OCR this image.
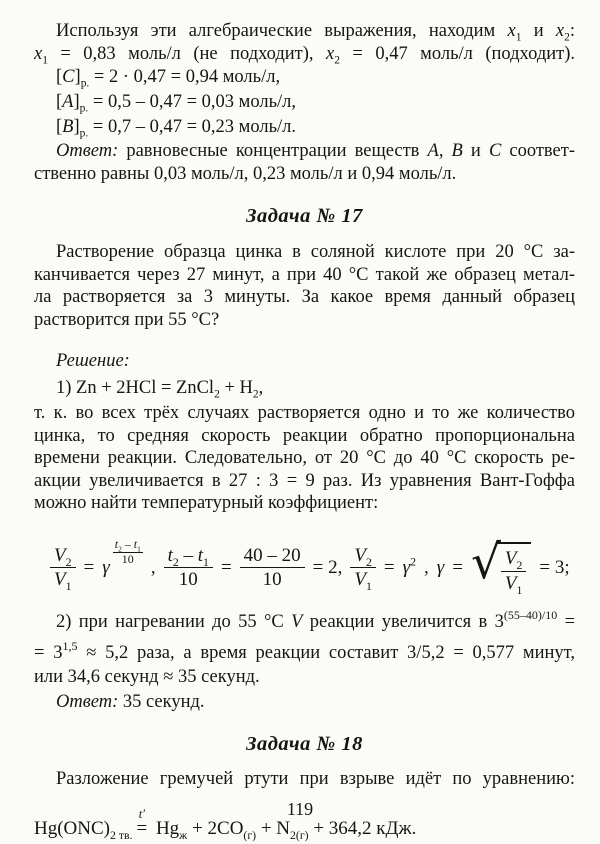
Используя эти алгебраические выражения, находим $x_1$ и $x_2$:
$x_1 = 0,83$ моль/л (не подходит), $x_2 = 0,47$ моль/л (подходит).
$[C]_{р.} = 2 \cdot 0,47 = 0,94$ моль/л,
$[A]_{р.} = 0,5 - 0,47 = 0,03$ моль/л,
$[B]_{р.} = 0,7 - 0,47 = 0,23$ моль/л.
Ответ: равновесные концентрации веществ A, B и C соответ-
ственно равны 0,03 моль/л, 0,23 моль/л и 0,94 моль/л.
Задача № 17
Растворение образца цинка в соляной кислоте при 20 °С за-
канчивается через 27 минут, а при 40 °С такой же образец метал-
ла растворяется за 3 минуты. За какое время данный образец
растворится при 55 °С?
Решение:
1) Zn + 2HCl = ZnCl$_2$ + $H_2$,
т. к. во всех трёх случаях растворяется одно и то же количество
цинка, то средняя скорость реакции обратно пропорциональна
времени реакции. Следовательно, от 20 °С до 40 °С скорость ре-
акции увеличивается в 27 : 3 = 9 раз. Из уравнения Вант-Гоффа
можно найти температурный коэффициент:
$\frac{V_2}{V_1} = \gamma$
$\frac{t_2 - t_1}{10}$
, $\frac{t_2 - t_1}{10} = \frac{40 - 20}{10} = 2$, $\frac{V_2}{V_1} = \gamma^2$ , γ = √ $\frac{V_2}{V_1} = 3$;
2) при нагревании до 55 °С V реакции увеличится в $3^{(55-40)/10}$ =
= $3^{1,5} \approx 5,2$ раза, а время реакции составит 3/5,2 = 0,577 минут,
или 34,6 секунд ≈ 35 секунд.
Ответ: 35 секунд.
Задача № 18
Разложение гремучей ртути при взрыве идёт по уравнению:
$Hg(ONC)_{2 тв.}$
t′
= $Hg_ж + 2CO_{(г)} + N_{2(г)} + 364,2$ кДж.
119
